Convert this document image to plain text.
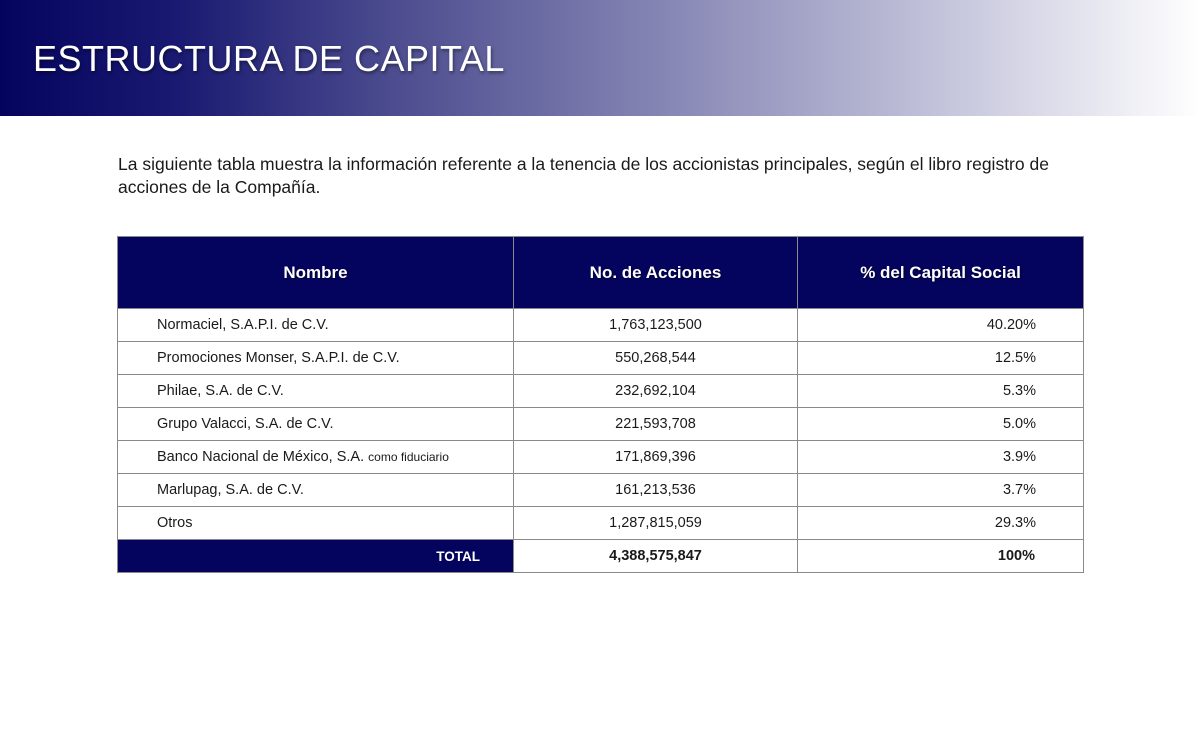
ESTRUCTURA DE CAPITAL

La siguiente tabla muestra la información referente a la tenencia de los accionistas principales, según el libro registro de acciones de la Compañía.

Nombre	No. de Acciones	% del Capital Social
Normaciel, S.A.P.I. de C.V.	1,763,123,500	40.20%
Promociones Monser, S.A.P.I. de C.V.	550,268,544	12.5%
Philae, S.A. de C.V.	232,692,104	5.3%
Grupo Valacci, S.A. de C.V.	221,593,708	5.0%
Banco Nacional de México, S.A. como fiduciario	171,869,396	3.9%
Marlupag, S.A. de C.V.	161,213,536	3.7%
Otros	1,287,815,059	29.3%
TOTAL	4,388,575,847	100%
